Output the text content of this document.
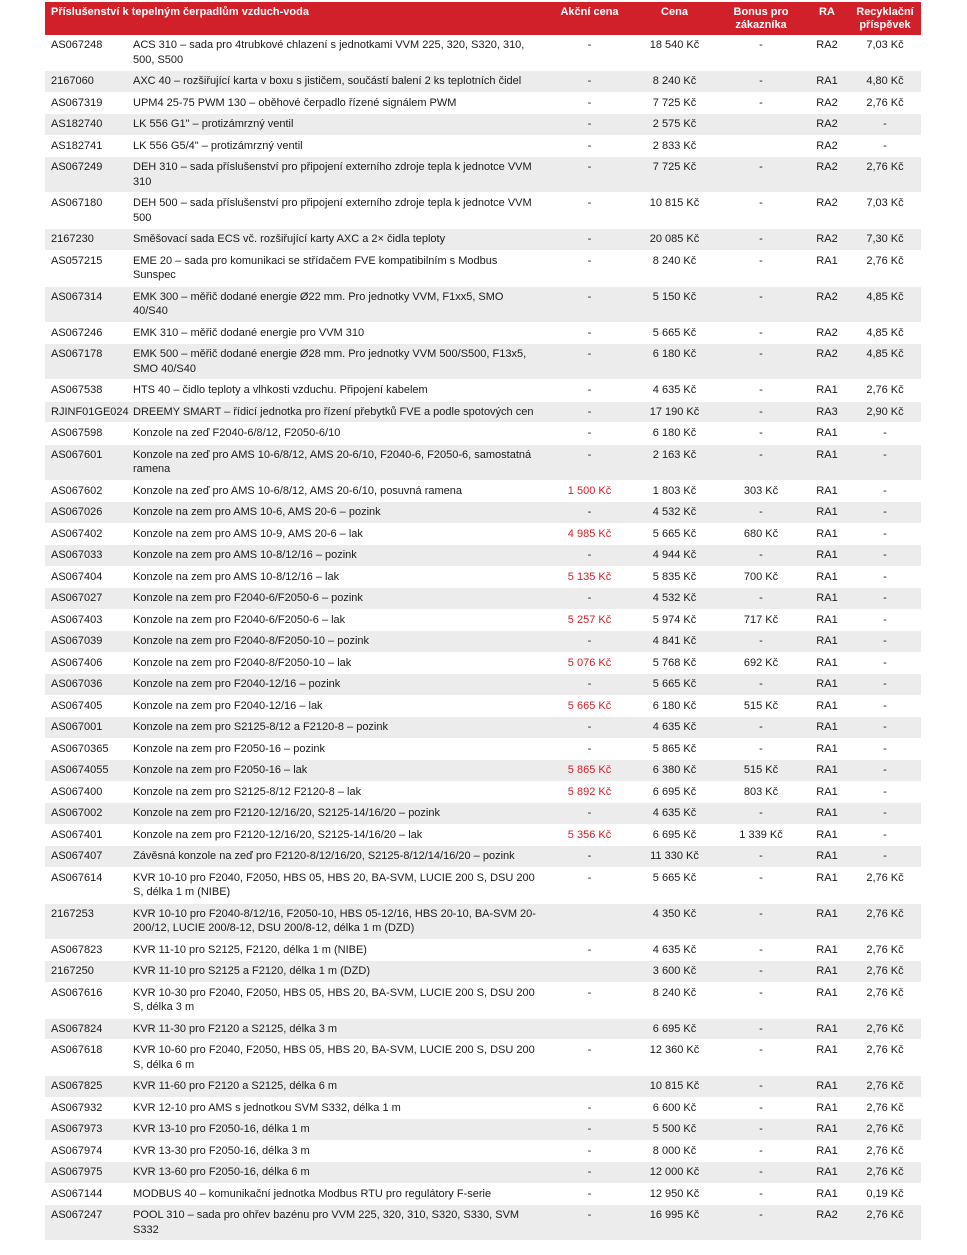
Příslušenství k tepelným čerpadlům vzduch-voda		Akční cena	Cena	Bonus pro zákazníka	RA	Recyklační příspěvek
AS067248	ACS 310 – sada pro 4trubkové chlazení s jednotkami VVM 225, 320, S320, 310, 500, S500	-	18 540 Kč	-	RA2	7,03 Kč
2167060	AXC 40 – rozšiřující karta v boxu s jističem, součástí balení 2 ks teplotních čidel	-	8 240 Kč	-	RA1	4,80 Kč
AS067319	UPM4 25-75 PWM 130 – oběhové čerpadlo řízené signálem PWM	-	7 725 Kč	-	RA2	2,76 Kč
AS182740	LK 556 G1" – protizámrzný ventil	-	2 575 Kč		RA2	-
AS182741	LK 556 G5/4" – protizámrzný ventil	-	2 833 Kč		RA2	-
AS067249	DEH 310 – sada příslušenství pro připojení externího zdroje tepla k jednotce VVM 310	-	7 725 Kč	-	RA2	2,76 Kč
AS067180	DEH 500 – sada příslušenství pro připojení externího zdroje tepla k jednotce VVM 500	-	10 815 Kč	-	RA2	7,03 Kč
2167230	Směšovací sada ECS vč. rozšiřující karty AXC a 2× čidla teploty	-	20 085 Kč	-	RA2	7,30 Kč
AS057215	EME 20 – sada pro komunikaci se střídačem FVE kompatibilním s Modbus Sunspec	-	8 240 Kč	-	RA1	2,76 Kč
AS067314	EMK 300 – měřič dodané energie Ø22 mm. Pro jednotky VVM, F1xx5, SMO 40/S40	-	5 150 Kč	-	RA2	4,85 Kč
AS067246	EMK 310 – měřič dodané energie pro VVM 310	-	5 665 Kč	-	RA2	4,85 Kč
AS067178	EMK 500 – měřič dodané energie Ø28 mm. Pro jednotky VVM 500/S500, F13x5, SMO 40/S40	-	6 180 Kč	-	RA2	4,85 Kč
AS067538	HTS 40 – čidlo teploty a vlhkosti vzduchu. Připojení kabelem	-	4 635 Kč	-	RA1	2,76 Kč
RJINF01GE024	DREEMY SMART – řídicí jednotka pro řízení přebytků FVE a podle spotových cen	-	17 190 Kč	-	RA3	2,90 Kč
AS067598	Konzole na zeď F2040-6/8/12, F2050-6/10	-	6 180 Kč	-	RA1	-
AS067601	Konzole na zeď pro AMS 10-6/8/12, AMS 20-6/10, F2040-6, F2050-6, samostatná ramena	-	2 163 Kč	-	RA1	-
AS067602	Konzole na zeď pro AMS 10-6/8/12, AMS 20-6/10, posuvná ramena	1 500 Kč	1 803 Kč	303 Kč	RA1	-
AS067026	Konzole na zem pro AMS 10-6, AMS 20-6 – pozink	-	4 532 Kč	-	RA1	-
AS067402	Konzole na zem pro AMS 10-9, AMS 20-6 – lak	4 985 Kč	5 665 Kč	680 Kč	RA1	-
AS067033	Konzole na zem pro AMS 10-8/12/16 – pozink	-	4 944 Kč	-	RA1	-
AS067404	Konzole na zem pro AMS 10-8/12/16 – lak	5 135 Kč	5 835 Kč	700 Kč	RA1	-
AS067027	Konzole na zem pro F2040-6/F2050-6 – pozink	-	4 532 Kč	-	RA1	-
AS067403	Konzole na zem pro F2040-6/F2050-6 – lak	5 257 Kč	5 974 Kč	717 Kč	RA1	-
AS067039	Konzole na zem pro F2040-8/F2050-10 – pozink	-	4 841 Kč	-	RA1	-
AS067406	Konzole na zem pro F2040-8/F2050-10 – lak	5 076 Kč	5 768 Kč	692 Kč	RA1	-
AS067036	Konzole na zem pro F2040-12/16 – pozink	-	5 665 Kč	-	RA1	-
AS067405	Konzole na zem pro F2040-12/16 – lak	5 665 Kč	6 180 Kč	515 Kč	RA1	-
AS067001	Konzole na zem pro S2125-8/12 a F2120-8 – pozink	-	4 635 Kč	-	RA1	-
AS0670365	Konzole na zem pro F2050-16 – pozink	-	5 865 Kč	-	RA1	-
AS0674055	Konzole na zem pro F2050-16 – lak	5 865 Kč	6 380 Kč	515 Kč	RA1	-
AS067400	Konzole na zem pro S2125-8/12 F2120-8 – lak	5 892 Kč	6 695 Kč	803 Kč	RA1	-
AS067002	Konzole na zem pro F2120-12/16/20, S2125-14/16/20 – pozink	-	4 635 Kč	-	RA1	-
AS067401	Konzole na zem pro F2120-12/16/20, S2125-14/16/20 – lak	5 356 Kč	6 695 Kč	1 339 Kč	RA1	-
AS067407	Závěsná konzole na zeď pro F2120-8/12/16/20, S2125-8/12/14/16/20 – pozink	-	11 330 Kč	-	RA1	-
AS067614	KVR 10-10 pro F2040, F2050, HBS 05, HBS 20, BA-SVM, LUCIE 200 S, DSU 200 S, délka 1 m (NIBE)	-	5 665 Kč	-	RA1	2,76 Kč
2167253	KVR 10-10 pro F2040-8/12/16, F2050-10, HBS 05-12/16, HBS 20-10, BA-SVM 20-200/12, LUCIE 200/8-12, DSU 200/8-12, délka 1 m (DZD)		4 350 Kč	-	RA1	2,76 Kč
AS067823	KVR 11-10 pro S2125, F2120, délka 1 m (NIBE)	-	4 635 Kč	-	RA1	2,76 Kč
2167250	KVR 11-10 pro S2125 a F2120, délka 1 m (DZD)		3 600 Kč	-	RA1	2,76 Kč
AS067616	KVR 10-30 pro F2040, F2050, HBS 05, HBS 20, BA-SVM, LUCIE 200 S, DSU 200 S, délka 3 m	-	8 240 Kč	-	RA1	2,76 Kč
AS067824	KVR 11-30 pro F2120 a S2125, délka 3 m		6 695 Kč	-	RA1	2,76 Kč
AS067618	KVR 10-60 pro F2040, F2050, HBS 05, HBS 20, BA-SVM, LUCIE 200 S, DSU 200 S, délka 6 m	-	12 360 Kč	-	RA1	2,76 Kč
AS067825	KVR 11-60 pro F2120 a S2125, délka 6 m		10 815 Kč	-	RA1	2,76 Kč
AS067932	KVR 12-10 pro AMS s jednotkou SVM S332, délka 1 m	-	6 600 Kč	-	RA1	2,76 Kč
AS067973	KVR 13-10 pro F2050-16, délka 1 m	-	5 500 Kč	-	RA1	2,76 Kč
AS067974	KVR 13-30 pro F2050-16, délka 3 m	-	8 000 Kč	-	RA1	2,76 Kč
AS067975	KVR 13-60 pro F2050-16, délka 6 m	-	12 000 Kč	-	RA1	2,76 Kč
AS067144	MODBUS 40 – komunikační jednotka Modbus RTU pro regulátory F-serie	-	12 950 Kč	-	RA1	0,19 Kč
AS067247	POOL 310 – sada pro ohřev bazénu pro VVM 225, 320, 310, S320, S330, SVM S332	-	16 995 Kč	-	RA2	2,76 Kč
